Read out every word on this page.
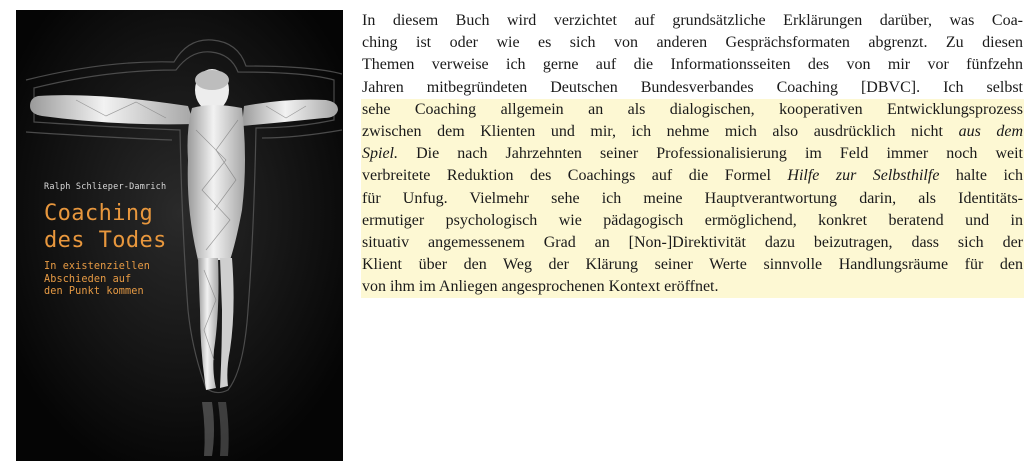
Ralph Schlieper-Damrich
Coaching
des Todes
In existenziellen
Abschieden auf
den Punkt kommen
In diesem Buch wird verzichtet auf grundsätzliche Erklärungen darüber, was Coa-
ching ist oder wie es sich von anderen Gesprächsformaten abgrenzt. Zu diesen
Themen verweise ich gerne auf die Informationsseiten des von mir vor fünfzehn
Jahren mitbegründeten Deutschen Bundesverbandes Coaching [DBVC]. Ich selbst
sehe Coaching allgemein an als dialogischen, kooperativen Entwicklungsprozess
zwischen dem Klienten und mir, ich nehme mich also ausdrücklich nicht aus dem
Spiel. Die nach Jahrzehnten seiner Professionalisierung im Feld immer noch weit
verbreitete Reduktion des Coachings auf die Formel Hilfe zur Selbsthilfe halte ich
für Unfug. Vielmehr sehe ich meine Hauptverantwortung darin, als Identitäts-
ermutiger psychologisch wie pädagogisch ermöglichend, konkret beratend und in
situativ angemessenem Grad an [Non-]Direktivität dazu beizutragen, dass sich der
Klient über den Weg der Klärung seiner Werte sinnvolle Handlungsräume für den
von ihm im Anliegen angesprochenen Kontext eröffnet.
